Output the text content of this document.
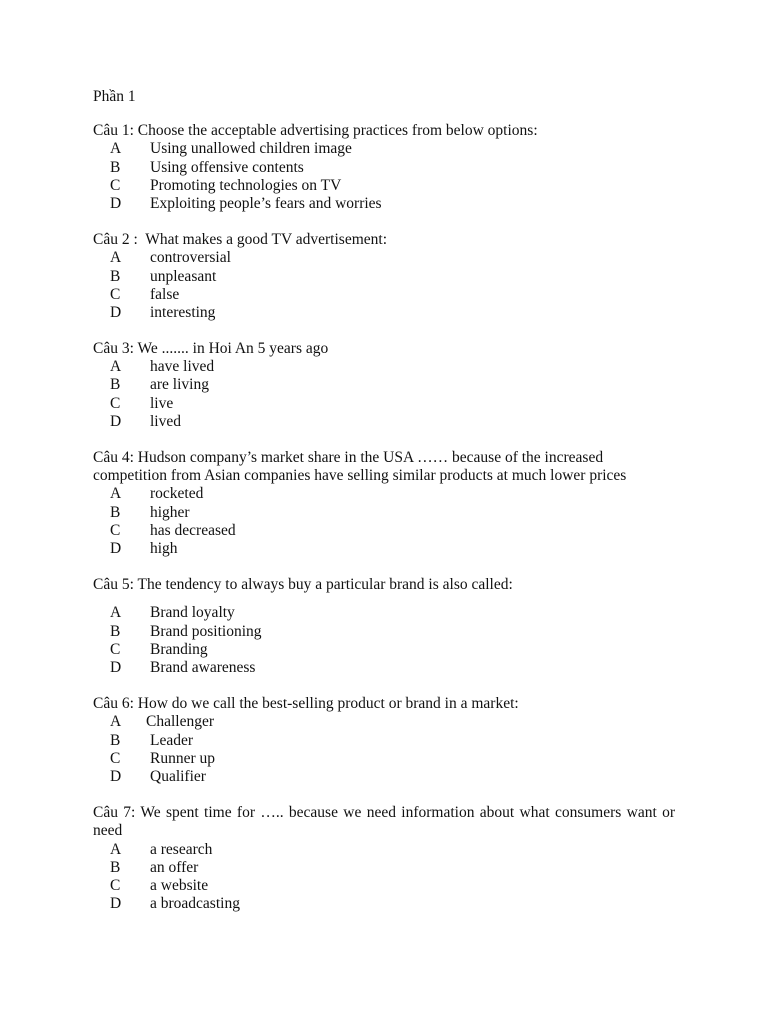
Phần 1
Câu 1: Choose the acceptable advertising practices from below options:
A	Using unallowed children image
B	Using offensive contents
C	Promoting technologies on TV
D	Exploiting people’s fears and worries
Câu 2 :  What makes a good TV advertisement:
A	controversial
B	unpleasant
C	false
D	interesting
Câu 3: We ....... in Hoi An 5 years ago
A	have lived
B	are living
C	live
D	lived
Câu 4: Hudson company’s market share in the USA …… because of the increased
competition from Asian companies have selling similar products at much lower prices
A	rocketed
B	higher
C	has decreased
D	high
Câu 5: The tendency to always buy a particular brand is also called:
A	Brand loyalty
B	Brand positioning
C	Branding
D	Brand awareness
Câu 6: How do we call the best-selling product or brand in a market:
A	Challenger
B	Leader
C	Runner up
D	Qualifier
Câu 7: We spent time for ….. because we need information about what consumers want or need
A	a research
B	an offer
C	a website
D	a broadcasting
